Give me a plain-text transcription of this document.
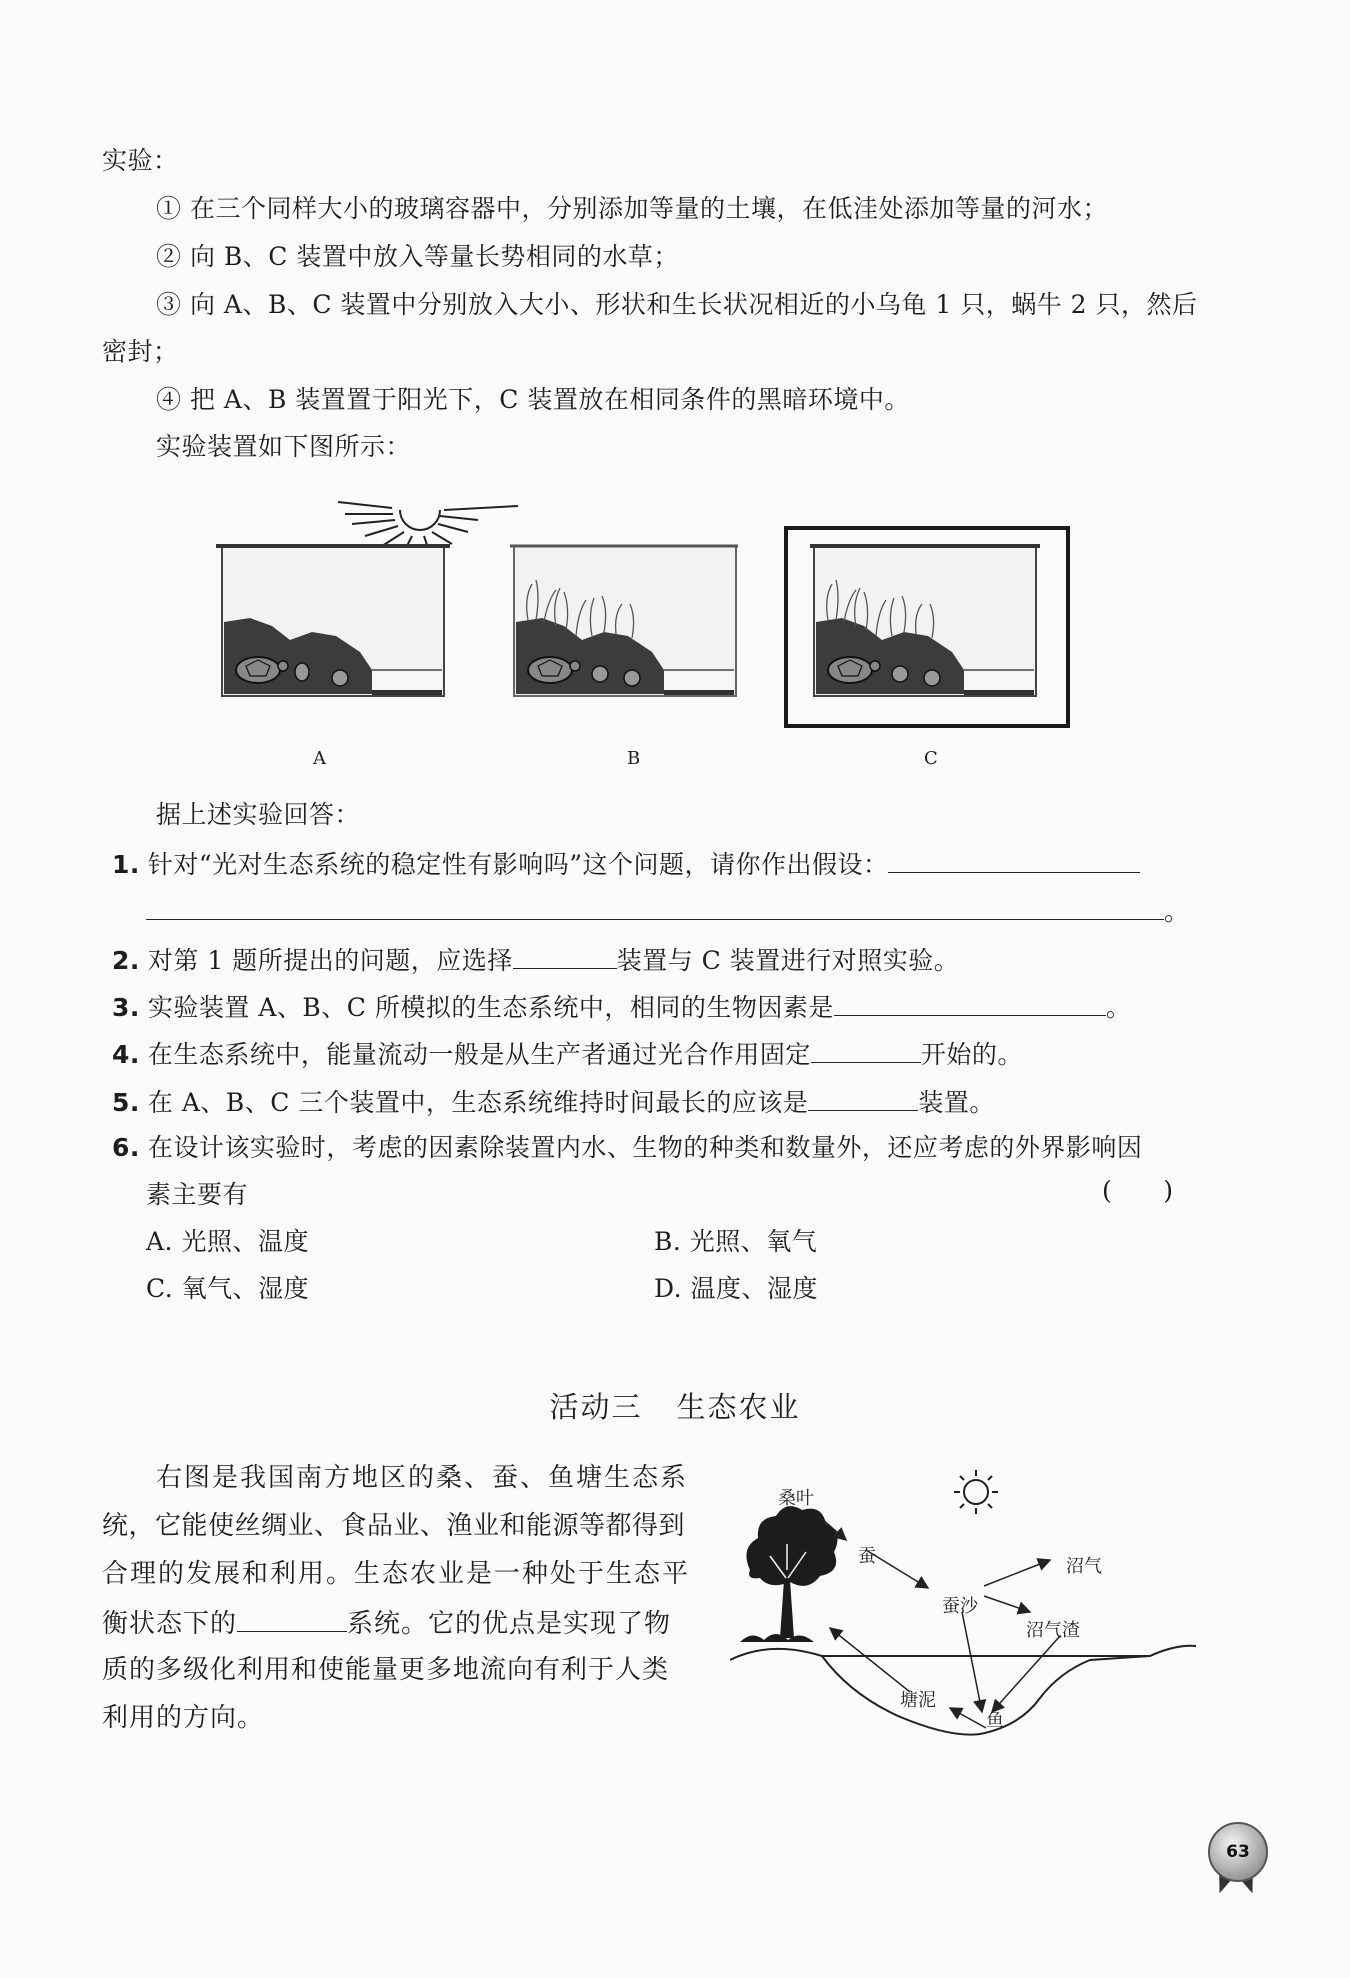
实验：
① 在三个同样大小的玻璃容器中，分别添加等量的土壤，在低洼处添加等量的河水；
② 向 B、C 装置中放入等量长势相同的水草；
③ 向 A、B、C 装置中分别放入大小、形状和生长状况相近的小乌龟 1 只，蜗牛 2 只，然后
密封；
④ 把 A、B 装置置于阳光下，C 装置放在相同条件的黑暗环境中。
实验装置如下图所示：
A	B	C
据上述实验回答：
1. 针对“光对生态系统的稳定性有影响吗”这个问题，请你作出假设：
。
2. 对第 1 题所提出的问题，应选择	装置与 C 装置进行对照实验。
3. 实验装置 A、B、C 所模拟的生态系统中，相同的生物因素是	。
4. 在生态系统中，能量流动一般是从生产者通过光合作用固定	开始的。
5. 在 A、B、C 三个装置中，生态系统维持时间最长的应该是	装置。
6. 在设计该实验时，考虑的因素除装置内水、生物的种类和数量外，还应考虑的外界影响因
素主要有	(　　)
A. 光照、温度	B. 光照、氧气
C. 氧气、湿度	D. 温度、湿度
活动三 生态农业
右图是我国南方地区的桑、蚕、鱼塘生态系
统，它能使丝绸业、食品业、渔业和能源等都得到
合理的发展和利用。生态农业是一种处于生态平
衡状态下的	系统。它的优点是实现了物
质的多级化利用和使能量更多地流向有利于人类
利用的方向。
桑叶
蚕
蚕沙
沼气
沼气渣
塘泥
鱼
63
